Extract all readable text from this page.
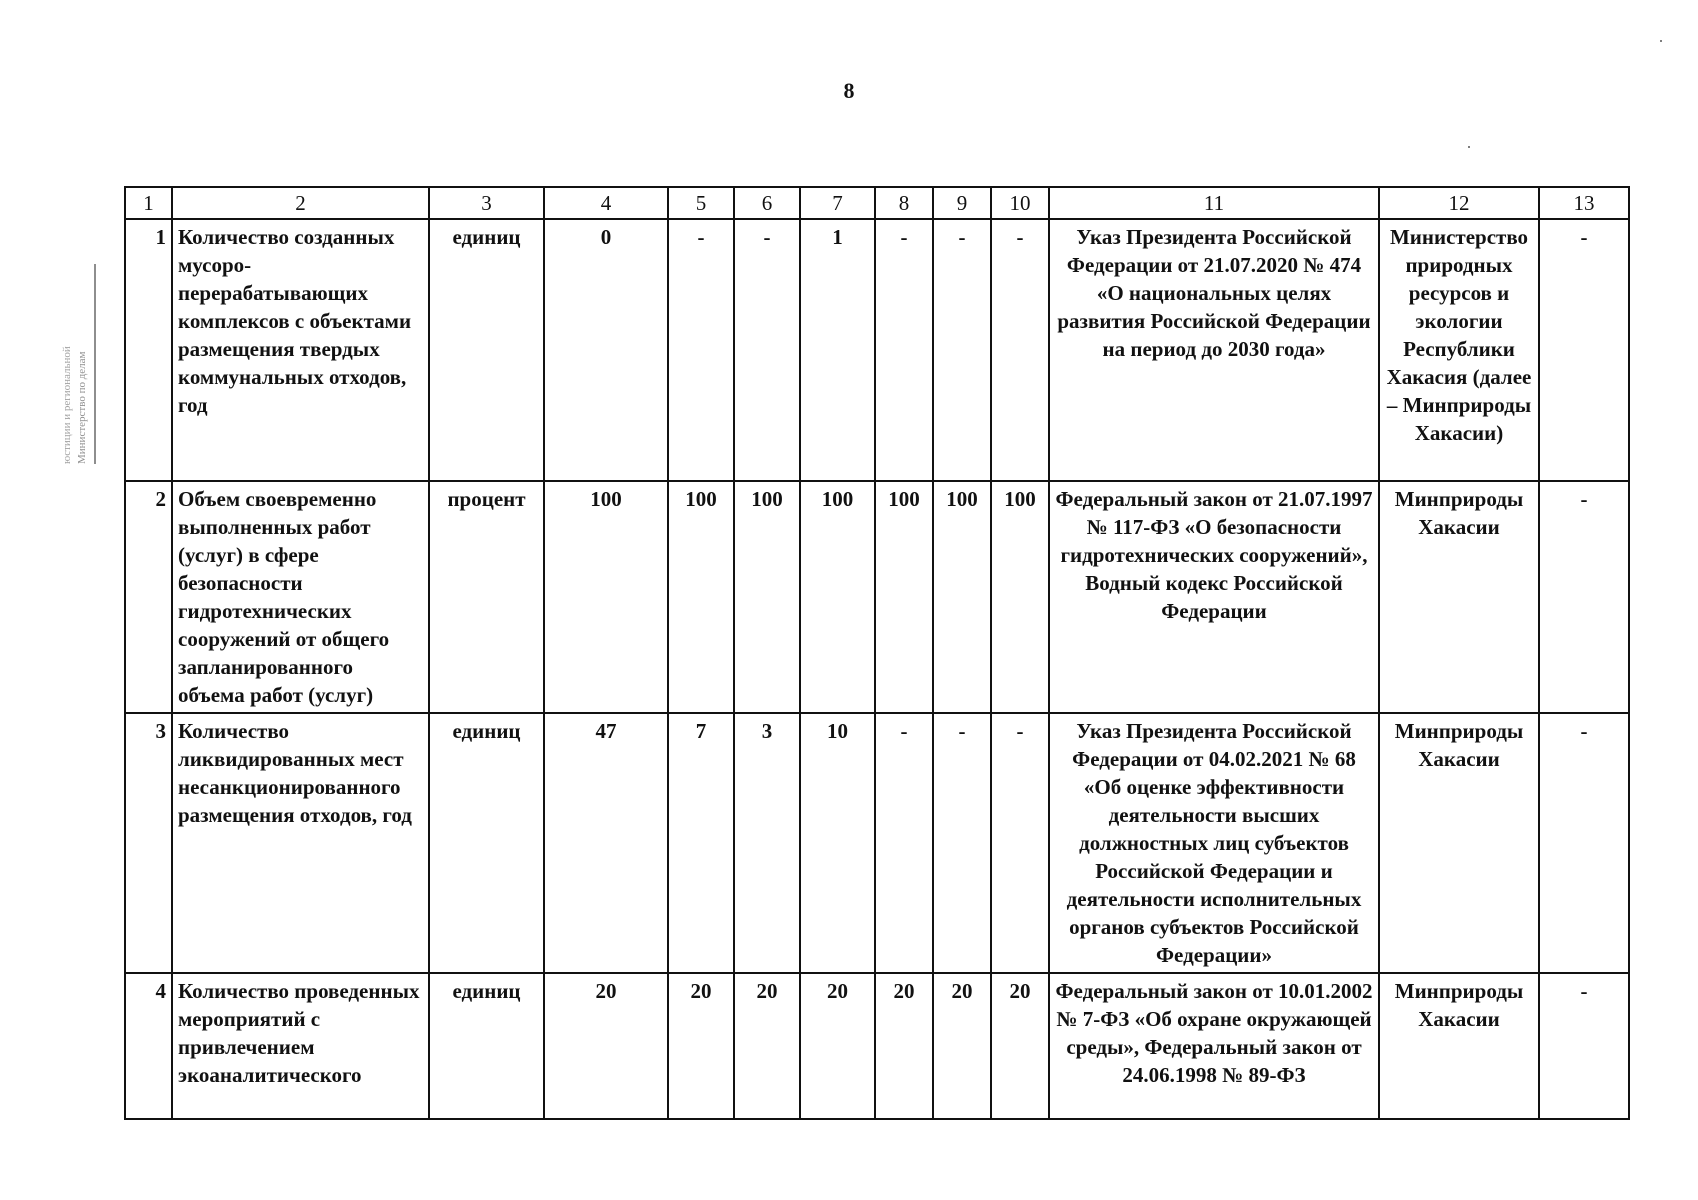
8
Министерство по делам
юстиции и региональной
1	2	3	4	5	6	7	8	9	10	11	12	13
1	Количество созданных мусоро-перерабатывающих комплексов с объектами размещения твердых коммунальных отходов, год	единиц	0	-	-	1	-	-	-	Указ Президента Российской Федерации от 21.07.2020 № 474 «О национальных целях развития Российской Федерации на период до 2030 года»	Министерство природных ресурсов и экологии Республики Хакасия (далее – Минприроды Хакасии)	-
2	Объем своевременно выполненных работ (услуг) в сфере безопасности гидротехнических сооружений от общего запланированного объема работ (услуг)	процент	100	100	100	100	100	100	100	Федеральный закон от 21.07.1997 № 117-ФЗ «О безопасности гидротехнических сооружений», Водный кодекс Российской Федерации	Минприроды Хакасии	-
3	Количество ликвидированных мест несанкционированного размещения отходов, год	единиц	47	7	3	10	-	-	-	Указ Президента Российской Федерации от 04.02.2021 № 68 «Об оценке эффективности деятельности высших должностных лиц субъектов Российской Федерации и деятельности исполнительных органов субъектов Российской Федерации»	Минприроды Хакасии	-
4	Количество проведенных мероприятий с привлечением экоаналитического	единиц	20	20	20	20	20	20	20	Федеральный закон от 10.01.2002 № 7-ФЗ «Об охране окружающей среды», Федеральный закон от 24.06.1998 № 89-ФЗ	Минприроды Хакасии	-
